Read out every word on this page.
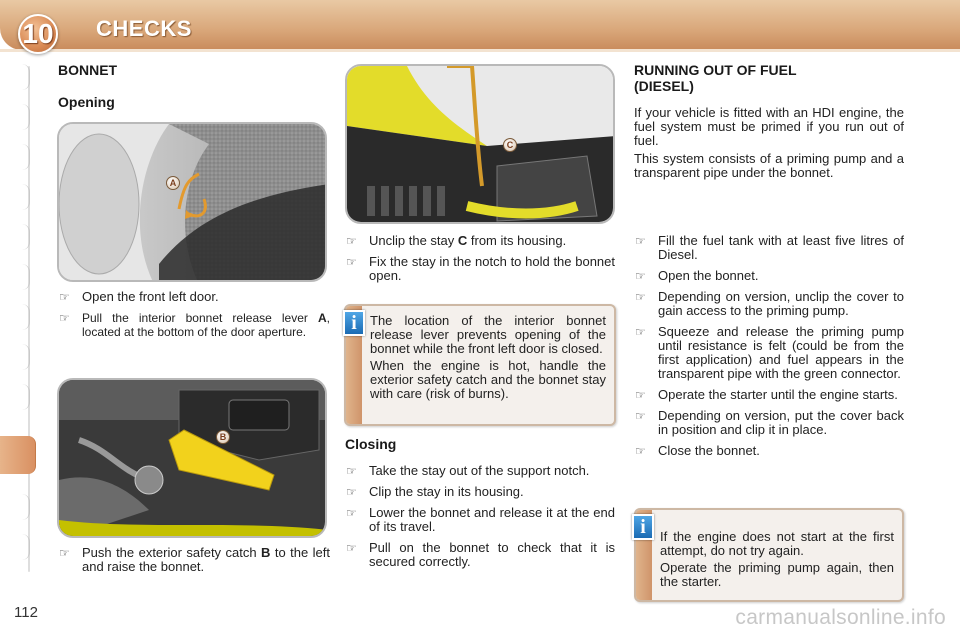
10 CHECKS
BONNET
Opening
A
☞ Open the front left door.
☞ Pull the interior bonnet release lever A, located at the bottom of the door aperture.
B
☞ Push the exterior safety catch B to the left and raise the bonnet.
C
☞ Unclip the stay C from its housing.
☞ Fix the stay in the notch to hold the bonnet open.

The location of the interior bonnet release lever prevents opening of the bonnet while the front left door is closed.

When the engine is hot, handle the exterior safety catch and the bonnet stay with care (risk of burns).

i
Closing
☞ Take the stay out of the support notch.
☞ Clip the stay in its housing.
☞ Lower the bonnet and release it at the end of its travel.
☞ Pull on the bonnet to check that it is secured correctly.
RUNNING OUT OF FUEL (DIESEL)

If your vehicle is fitted with an HDI engine, the fuel system must be primed if you run out of fuel.

This system consists of a priming pump and a transparent pipe under the bonnet.

☞ Fill the fuel tank with at least five litres of Diesel.
☞ Open the bonnet.
☞ Depending on version, unclip the cover to gain access to the priming pump.
☞ Squeeze and release the priming pump until resistance is felt (could be from the first application) and fuel appears in the transparent pipe with the green connector.
☞ Operate the starter until the engine starts.
☞ Depending on version, put the cover back in position and clip it in place.
☞ Close the bonnet.

If the engine does not start at the first attempt, do not try again.

Operate the priming pump again, then the starter.

i
112	carmanualsonline.info
